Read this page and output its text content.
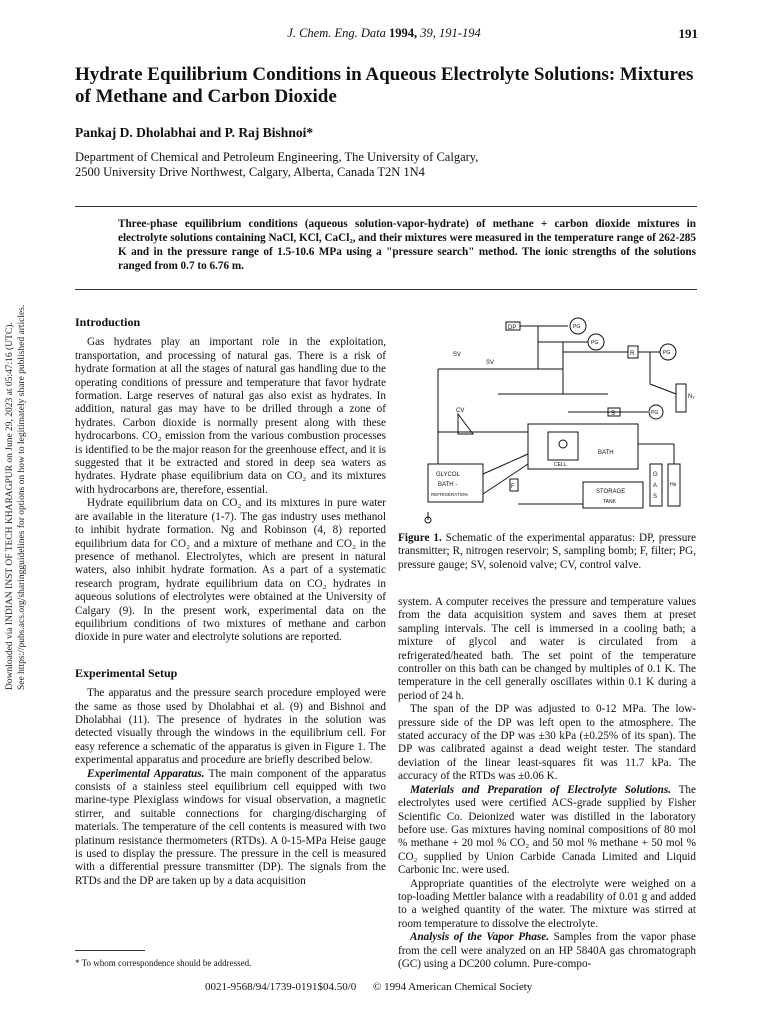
J. Chem. Eng. Data 1994, 39, 191-194	191
Hydrate Equilibrium Conditions in Aqueous Electrolyte Solutions: Mixtures of Methane and Carbon Dioxide
Pankaj D. Dholabhai and P. Raj Bishnoi*
Department of Chemical and Petroleum Engineering, The University of Calgary,
2500 University Drive Northwest, Calgary, Alberta, Canada T2N 1N4
Three-phase equilibrium conditions (aqueous solution-vapor-hydrate) of methane + carbon dioxide mixtures in electrolyte solutions containing NaCl, KCl, CaCl₂, and their mixtures were measured in the temperature range of 262-285 K and in the pressure range of 1.5-10.6 MPa using a "pressure search" method. The ionic strengths of the solutions ranged from 0.7 to 6.76 m.
Downloaded via INDIAN INST OF TECH KHARAGPUR on June 29, 2023 at 05:47:16 (UTC). See https://pubs.acs.org/sharingguidelines for options on how to legitimately share published articles.	Introduction

Gas hydrates play an important role in the exploitation, transportation, and processing of natural gas. There is a risk of hydrate formation at all the stages of natural gas handling due to the operating conditions of pressure and temperature that favor hydrate formation. Large reserves of natural gas also exist as hydrates. In addition, natural gas may have to be drilled through a zone of hydrates. Carbon dioxide is normally present along with these hydrocarbons. CO₂ emission from the various combustion processes is identified to be the major reason for the greenhouse effect, and it is suggested that it be extracted and stored in deep sea waters as hydrates. Hydrate phase equilibrium data on CO₂ and its mixtures with hydrocarbons are, therefore, essential.

Hydrate equilibrium data on CO₂ and its mixtures in pure water are available in the literature (1-7). The gas industry uses methanol to inhibit hydrate formation. Ng and Robinson (4, 8) reported equilibrium data for CO₂ and a mixture of methane and CO₂ in the presence of methanol. Electrolytes, which are present in natural waters, also inhibit hydrate formation. As a part of a systematic research program, hydrate equilibrium data on CO₂ hydrates in aqueous solutions of electrolytes were obtained at the University of Calgary (9). In the present work, experimental data on the equilibrium conditions of two mixtures of methane and carbon dioxide in pure water and electrolyte solutions are reported.

Experimental Setup

The apparatus and the pressure search procedure employed were the same as those used by Dholabhai et al. (9) and Bishnoi and Dholabhai (11). The presence of hydrates in the solution was detected visually through the windows in the equilibrium cell. For easy reference a schematic of the apparatus is given in Figure 1. The experimental apparatus and procedure are briefly described below.

Experimental Apparatus. The main component of the apparatus consists of a stainless steel equilibrium cell equipped with two marine-type Plexiglass windows for visual observation, a magnetic stirrer, and suitable connections for charging/discharging of materials. The temperature of the cell contents is measured with two platinum resistance thermometers (RTDs). A 0-15-MPa Heise gauge is used to display the pressure. The pressure in the cell is measured with a differential pressure transmitter (DP). The signals from the RTDs and the DP are taken up by a data acquisition

DP	PG
PG
R	PG
N₂
SV
SV
CV	S	PG
CELL
BATH
GLYCOL
BATH -
REFRIGERATION
F
STORAGE
TANK
G
A
S
He
Figure 1. Schematic of the experimental apparatus: DP, pressure transmitter; R, nitrogen reservoir; S, sampling bomb; F, filter; PG, pressure gauge; SV, solenoid valve; CV, control valve.

system. A computer receives the pressure and temperature values from the data acquisition system and saves them at preset sampling intervals. The cell is immersed in a cooling bath; a mixture of glycol and water is circulated from a refrigerated/heated bath. The set point of the temperature controller on this bath can be changed by multiples of 0.1 K. The temperature in the cell generally oscillates within 0.1 K during a period of 24 h.

The span of the DP was adjusted to 0-12 MPa. The low-pressure side of the DP was left open to the atmosphere. The stated accuracy of the DP was ±30 kPa (±0.25% of its span). The DP was calibrated against a dead weight tester. The standard deviation of the linear least-squares fit was 11.7 kPa. The accuracy of the RTDs was ±0.06 K.

Materials and Preparation of Electrolyte Solutions. The electrolytes used were certified ACS-grade supplied by Fisher Scientific Co. Deionized water was distilled in the laboratory before use. Gas mixtures having nominal compositions of 80 mol % methane + 20 mol % CO₂ and 50 mol % methane + 50 mol % CO₂ supplied by Union Carbide Canada Limited and Liquid Carbonic Inc. were used.

Appropriate quantities of the electrolyte were weighed on a top-loading Mettler balance with a readability of 0.01 g and added to a weighed quantity of the water. The mixture was stirred at room temperature to dissolve the electrolyte.

Analysis of the Vapor Phase. Samples from the vapor phase from the cell were analyzed on an HP 5840A gas chromatograph (GC) using a DC200 column. Pure-compo-

* To whom correspondence should be addressed.
0021-9568/94/1739-0191$04.50/0 © 1994 American Chemical Society
